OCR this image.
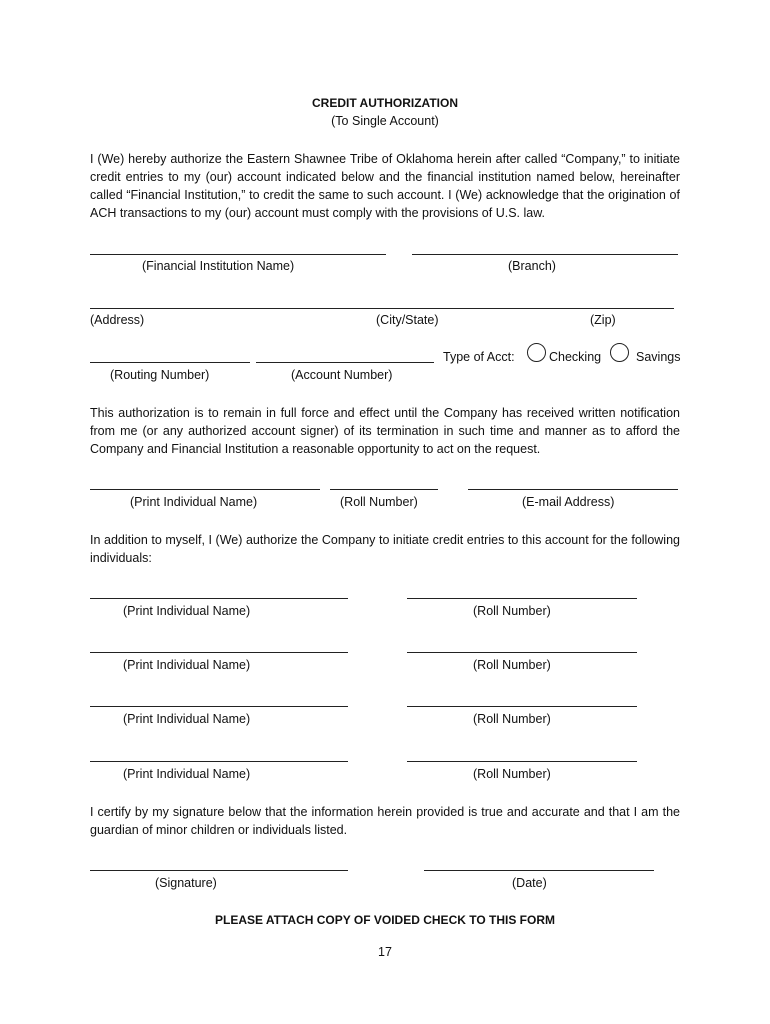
CREDIT AUTHORIZATION
(To Single Account)
I (We) hereby authorize the Eastern Shawnee Tribe of Oklahoma herein after called “Company,” to initiate credit entries to my (our) account indicated below and the financial institution named below, hereinafter called “Financial Institution,” to credit the same to such account. I (We) acknowledge that the origination of ACH transactions to my (our) account must comply with the provisions of U.S. law.
(Financial Institution Name)	(Branch)
(Address)	(City/State)	(Zip)
Type of Acct:	Checking	Savings
(Routing Number)	(Account Number)
This authorization is to remain in full force and effect until the Company has received written notification from me (or any authorized account signer) of its termination in such time and manner as to afford the Company and Financial Institution a reasonable opportunity to act on the request.
(Print Individual Name)	(Roll Number)	(E-mail Address)
In addition to myself, I (We) authorize the Company to initiate credit entries to this account for the following individuals:
(Print Individual Name)	(Roll Number)
(Print Individual Name)	(Roll Number)
(Print Individual Name)	(Roll Number)
(Print Individual Name)	(Roll Number)
I certify by my signature below that the information herein provided is true and accurate and that I am the guardian of minor children or individuals listed.
(Signature)	(Date)
PLEASE ATTACH COPY OF VOIDED CHECK TO THIS FORM
17
